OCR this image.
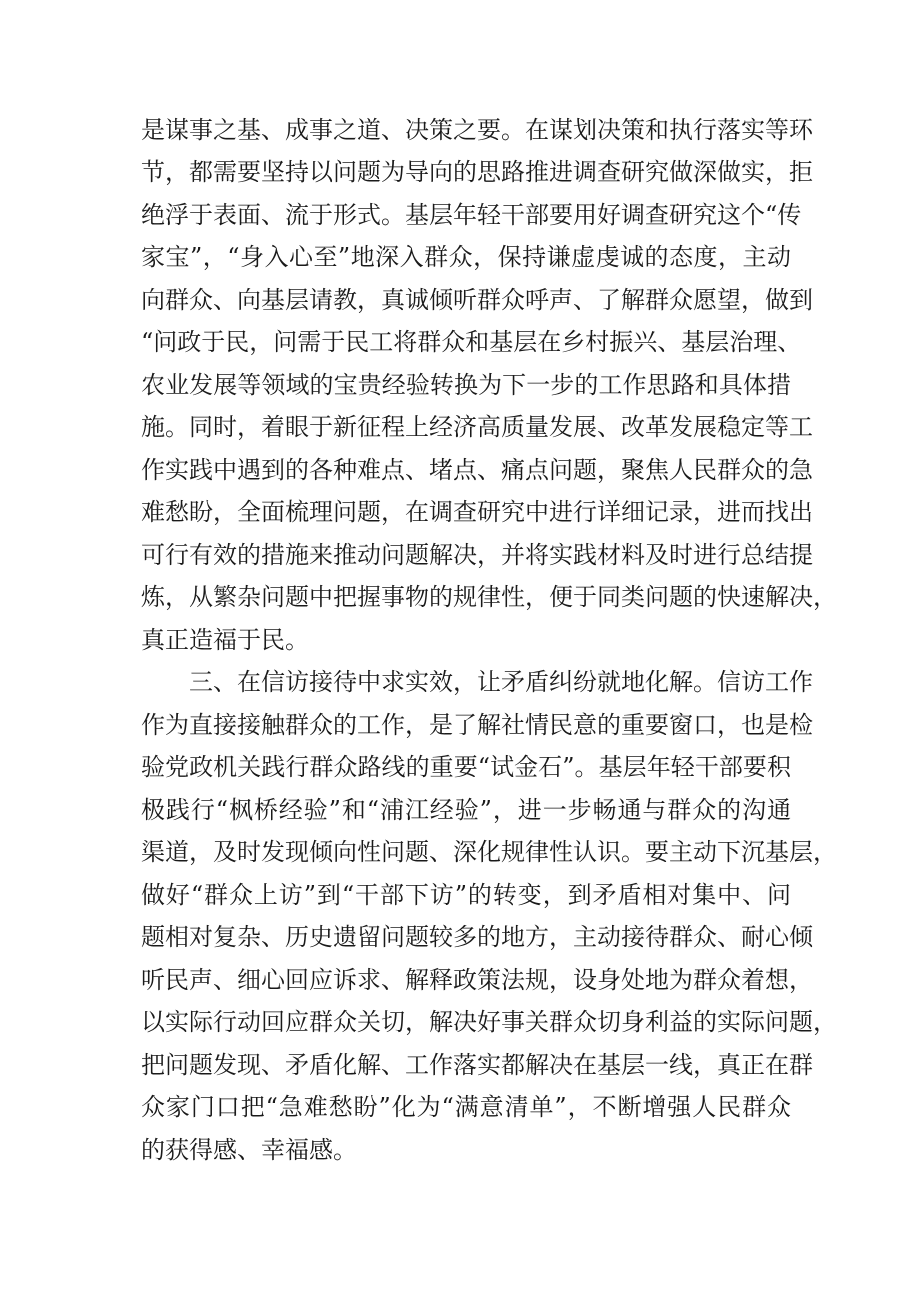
是谋事之基、成事之道、决策之要。在谋划决策和执行落实等环
节，都需要坚持以问题为导向的思路推进调查研究做深做实，拒
绝浮于表面、流于形式。基层年轻干部要用好调查研究这个“传
家宝”，“身入心至”地深入群众，保持谦虚虔诚的态度，主动
向群众、向基层请教，真诚倾听群众呼声、了解群众愿望，做到
“问政于民，问需于民工将群众和基层在乡村振兴、基层治理、
农业发展等领域的宝贵经验转换为下一步的工作思路和具体措
施。同时，着眼于新征程上经济高质量发展、改革发展稳定等工
作实践中遇到的各种难点、堵点、痛点问题，聚焦人民群众的急
难愁盼，全面梳理问题，在调查研究中进行详细记录，进而找出
可行有效的措施来推动问题解决，并将实践材料及时进行总结提
炼，从繁杂问题中把握事物的规律性，便于同类问题的快速解决，
真正造福于民。
三、在信访接待中求实效，让矛盾纠纷就地化解。信访工作
作为直接接触群众的工作，是了解社情民意的重要窗口，也是检
验党政机关践行群众路线的重要“试金石”。基层年轻干部要积
极践行“枫桥经验”和“浦江经验”，进一步畅通与群众的沟通
渠道，及时发现倾向性问题、深化规律性认识。要主动下沉基层，
做好“群众上访”到“干部下访”的转变，到矛盾相对集中、问
题相对复杂、历史遗留问题较多的地方，主动接待群众、耐心倾
听民声、细心回应诉求、解释政策法规，设身处地为群众着想，
以实际行动回应群众关切，解决好事关群众切身利益的实际问题，
把问题发现、矛盾化解、工作落实都解决在基层一线，真正在群
众家门口把“急难愁盼”化为“满意清单”，不断增强人民群众
的获得感、幸福感。
